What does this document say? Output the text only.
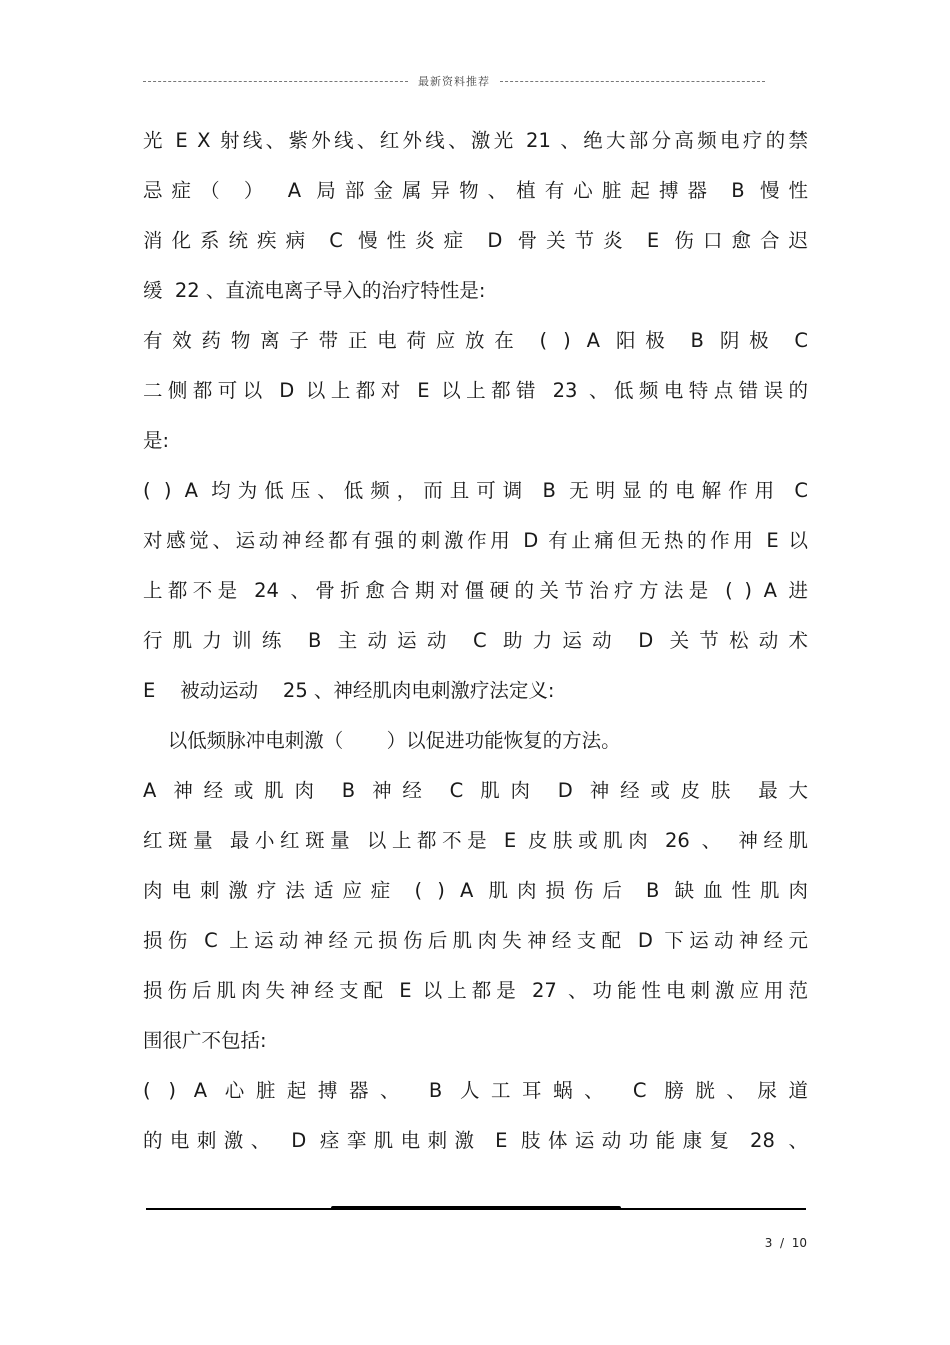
最新资料推荐
光 E X 射线、紫外线、红外线、激光 21 、绝大部分高频电疗的禁
忌症（ ） A 局部金属异物、植有心脏起搏器 B 慢性
消化系统疾病 C 慢性炎症 D 骨关节炎 E 伤口愈合迟
缓  22 、直流电离子导入的治疗特性是:
有效药物离子带正电荷应放在 ( ) A 阳极 B 阴极 C
二侧都可以 D 以上都对 E 以上都错 23 、低频电特点错误的
是:
( ) A 均为低压、低频，而且可调 B 无明显的电解作用 C
对感觉、运动神经都有强的刺激作用 D 有止痛但无热的作用 E 以
上都不是 24 、骨折愈合期对僵硬的关节治疗方法是 ( ) A 进
行肌力训练 B 主动运动 C 助力运动 D 关节松动术
E    被动运动    25 、神经肌肉电刺激疗法定义:
以低频脉冲电刺激（       ）以促进功能恢复的方法。
A 神经或肌肉 B 神经 C 肌肉 D 神经或皮肤 最大
红斑量 最小红斑量 以上都不是 E 皮肤或肌肉 26 、 神经肌
肉电刺激疗法适应症 ( ) A 肌肉损伤后 B 缺血性肌肉
损伤 C 上运动神经元损伤后肌肉失神经支配 D 下运动神经元
损伤后肌肉失神经支配 E 以上都是 27 、功能性电刺激应用范
围很广不包括:
( ) A 心脏起搏器、 B 人工耳蜗、 C 膀胱、尿道
的电刺激、 D 痉挛肌电刺激 E 肢体运动功能康复 28 、
3  /  10
